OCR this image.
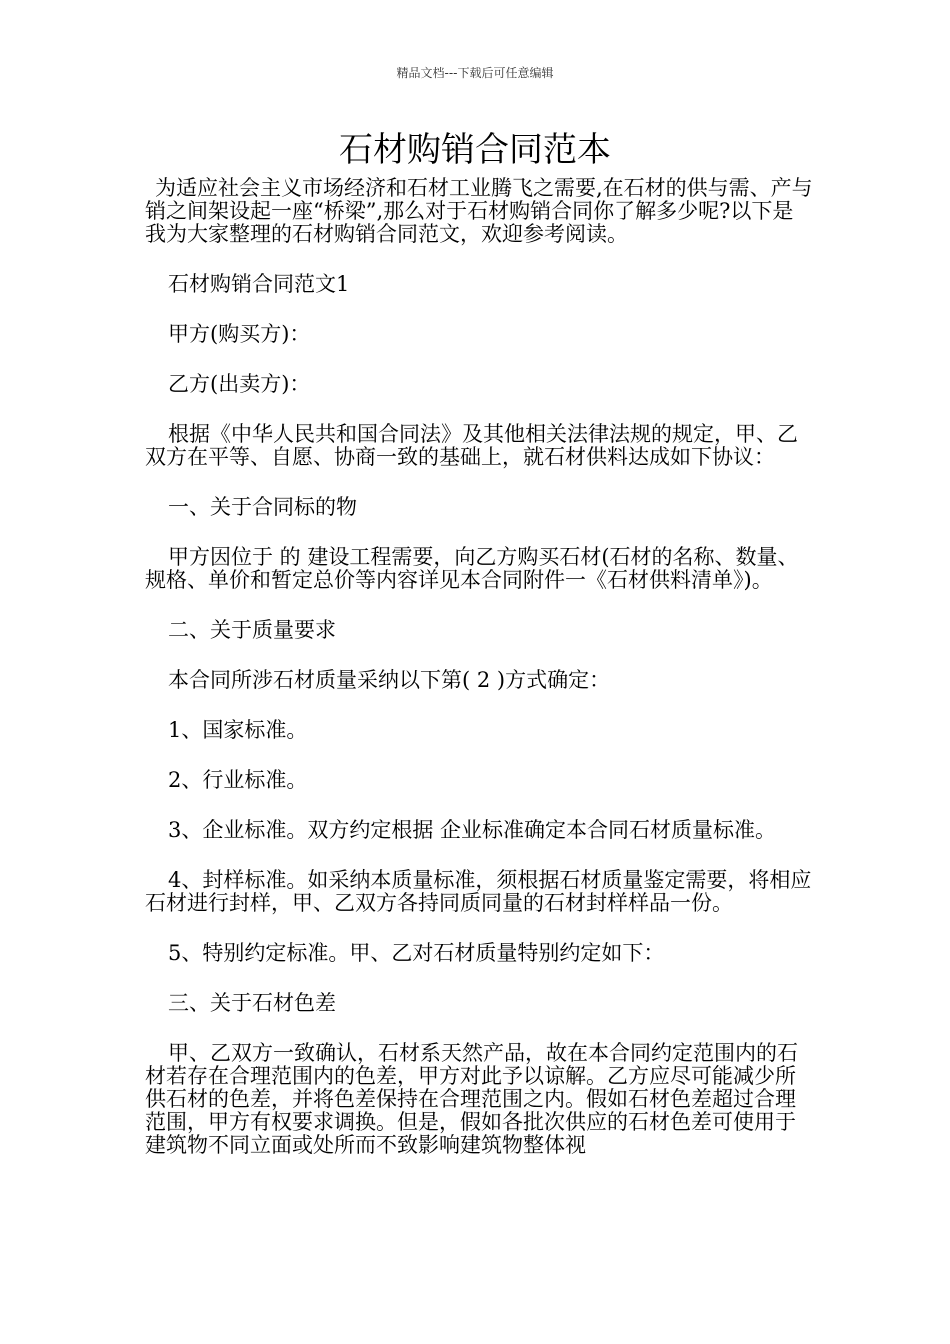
精品文档---下载后可任意编辑
石材购销合同范本

为适应社会主义市场经济和石材工业腾飞之需要,在石材的供与需、产与销之间架设起一座“桥梁”,那么对于石材购销合同你了解多少呢?以下是我为大家整理的石材购销合同范文，欢迎参考阅读。

石材购销合同范文1

甲方(购买方)：

乙方(出卖方)：

根据《中华人民共和国合同法》及其他相关法律法规的规定，甲、乙双方在平等、自愿、协商一致的基础上，就石材供料达成如下协议：

一、关于合同标的物

甲方因位于 的 建设工程需要，向乙方购买石材(石材的名称、数量、规格、单价和暂定总价等内容详见本合同附件一《石材供料清单》)。

二、关于质量要求

本合同所涉石材质量采纳以下第( 2 )方式确定：

1、国家标准。

2、行业标准。

3、企业标准。双方约定根据 企业标准确定本合同石材质量标准。

4、封样标准。如采纳本质量标准，须根据石材质量鉴定需要，将相应石材进行封样，甲、乙双方各持同质同量的石材封样样品一份。

5、特别约定标准。甲、乙对石材质量特别约定如下：

三、关于石材色差

甲、乙双方一致确认，石材系天然产品，故在本合同约定范围内的石材若存在合理范围内的色差，甲方对此予以谅解。乙方应尽可能减少所供石材的色差，并将色差保持在合理范围之内。假如石材色差超过合理范围，甲方有权要求调换。但是，假如各批次供应的石材色差可使用于建筑物不同立面或处所而不致影响建筑物整体视
